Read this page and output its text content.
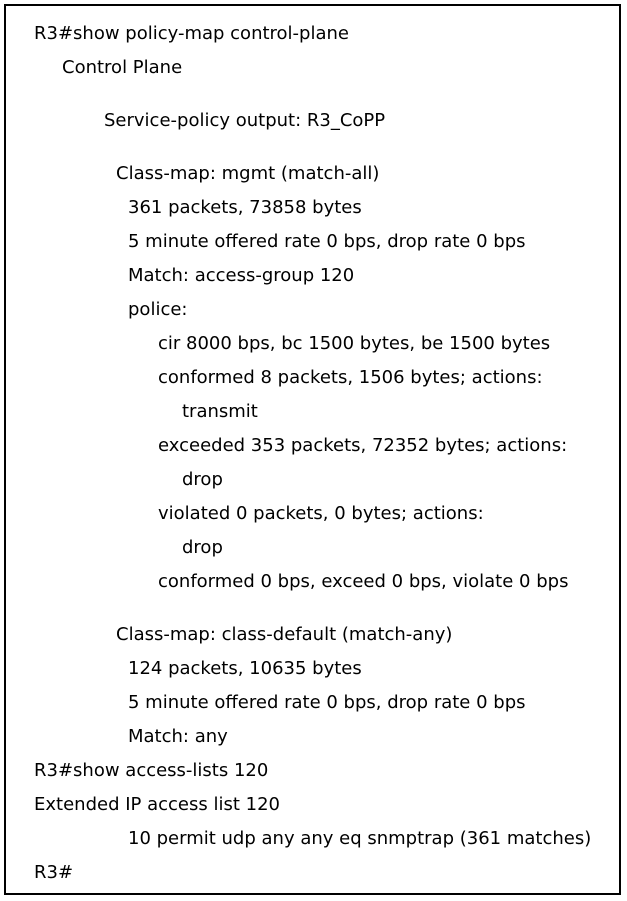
R3#show policy-map control-plane
Control Plane
Service-policy output: R3_CoPP
Class-map: mgmt (match-all)
361 packets, 73858 bytes
5 minute offered rate 0 bps, drop rate 0 bps
Match: access-group 120
police:
cir 8000 bps, bc 1500 bytes, be 1500 bytes
conformed 8 packets, 1506 bytes; actions:
transmit
exceeded 353 packets, 72352 bytes; actions:
drop
violated 0 packets, 0 bytes; actions:
drop
conformed 0 bps, exceed 0 bps, violate 0 bps
Class-map: class-default (match-any)
124 packets, 10635 bytes
5 minute offered rate 0 bps, drop rate 0 bps
Match: any
R3#show access-lists 120
Extended IP access list 120
10 permit udp any any eq snmptrap (361 matches)
R3#
